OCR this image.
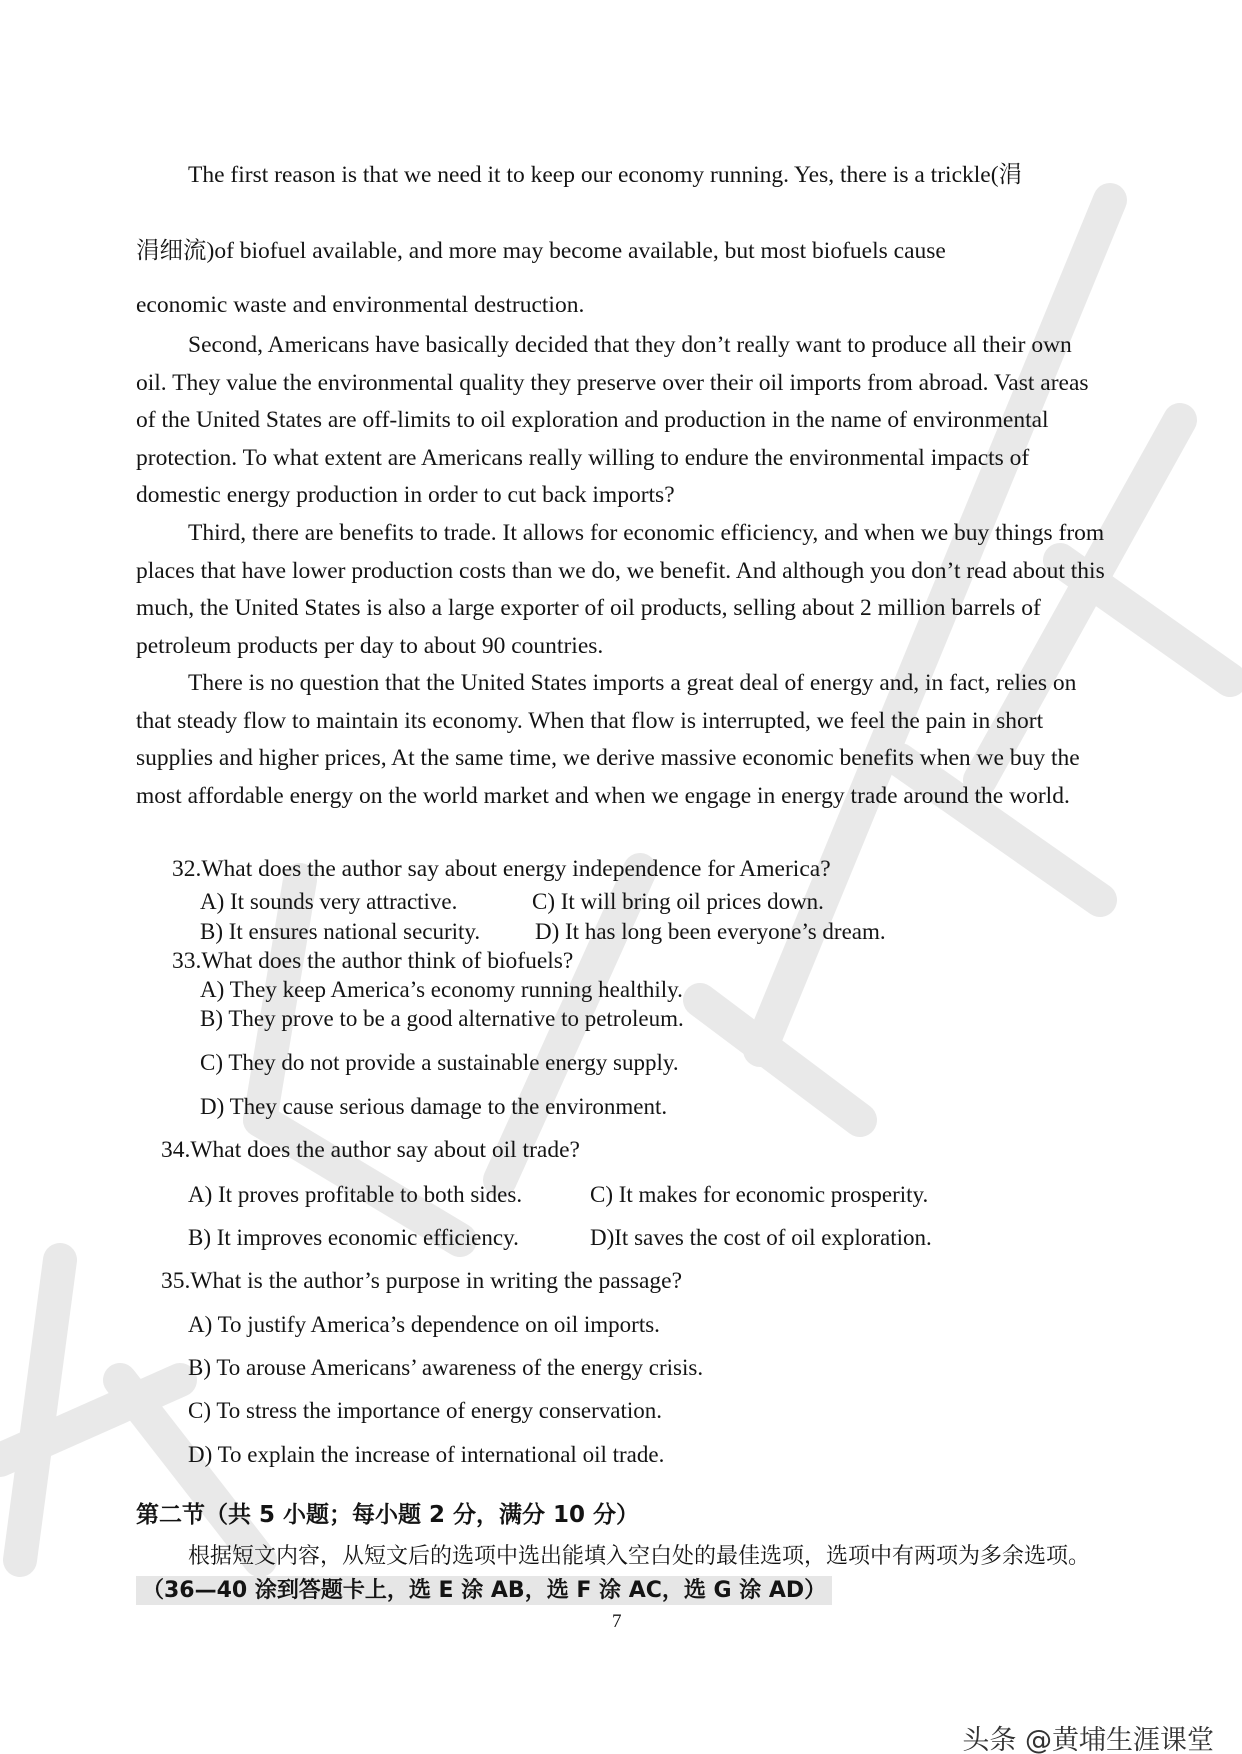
The first reason is that we need it to keep our economy running. Yes, there is a trickle(涓
涓细流)of biofuel available, and more may become available, but most biofuels cause
economic waste and environmental destruction.
Second, Americans have basically decided that they don’t really want to produce all their own oil. They value the environmental quality they preserve over their oil imports from abroad. Vast areas of the United States are off-limits to oil exploration and production in the name of environmental protection. To what extent are Americans really willing to endure the environmental impacts of domestic energy production in order to cut back imports?
Third, there are benefits to trade. It allows for economic efficiency, and when we buy things from places that have lower production costs than we do, we benefit. And although you don’t read about this much, the United States is also a large exporter of oil products, selling about 2 million barrels of petroleum products per day to about 90 countries.
There is no question that the United States imports a great deal of energy and, in fact, relies on that steady flow to maintain its economy. When that flow is interrupted, we feel the pain in short supplies and higher prices, At the same time, we derive massive economic benefits when we buy the most affordable energy on the world market and when we engage in energy trade around the world.
32.What does the author say about energy independence for America?
A) It sounds very attractive.	C) It will bring oil prices down.
B) It ensures national security. D) It has long been everyone’s dream.
33.What does the author think of biofuels?
A) They keep America’s economy running healthily.
B) They prove to be a good alternative to petroleum.
C) They do not provide a sustainable energy supply.
D) They cause serious damage to the environment.
34.What does the author say about oil trade?
A) It proves profitable to both sides.	C) It makes for economic prosperity.
B) It improves economic efficiency.	D)It saves the cost of oil exploration.
35.What is the author’s purpose in writing the passage?
A) To justify America’s dependence on oil imports.
B) To arouse Americans’ awareness of the energy crisis.
C) To stress the importance of energy conservation.
D) To explain the increase of international oil trade.
第二节（共 5 小题；每小题 2 分，满分 10 分）
根据短文内容，从短文后的选项中选出能填入空白处的最佳选项，选项中有两项为多余选项。（36—40 涂到答题卡上，选 E 涂 AB，选 F 涂 AC，选 G 涂 AD）
7
头条 @黄埔生涯课堂
